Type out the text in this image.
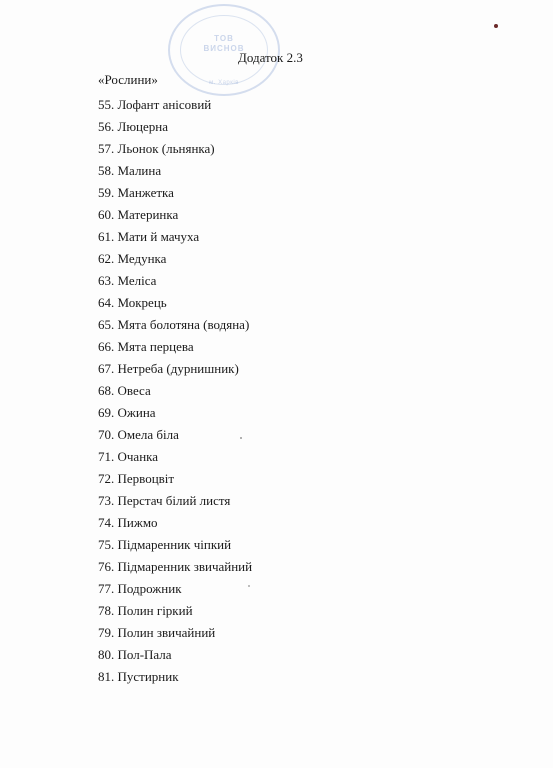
ТОВ
ВИСНОВ
м. Харків
Додаток 2.3
«Рослини»
55. Лофант анісовий
56. Люцерна
57. Льонок (льнянка)
58. Малина
59. Манжетка
60. Материнка
61. Мати й мачуха
62. Медунка
63. Меліса
64. Мокрець
65. Мята болотяна (водяна)
66. Мята перцева
67. Нетреба (дурнишник)
68. Овеса
69. Ожина
70. Омела біла
71. Очанка
72. Первоцвіт
73. Перстач білий листя
74. Пижмо
75. Підмаренник чіпкий
76. Підмаренник звичайний
77. Подрожник
78. Полин гіркий
79. Полин звичайний
80. Пол-Пала
81. Пустирник
